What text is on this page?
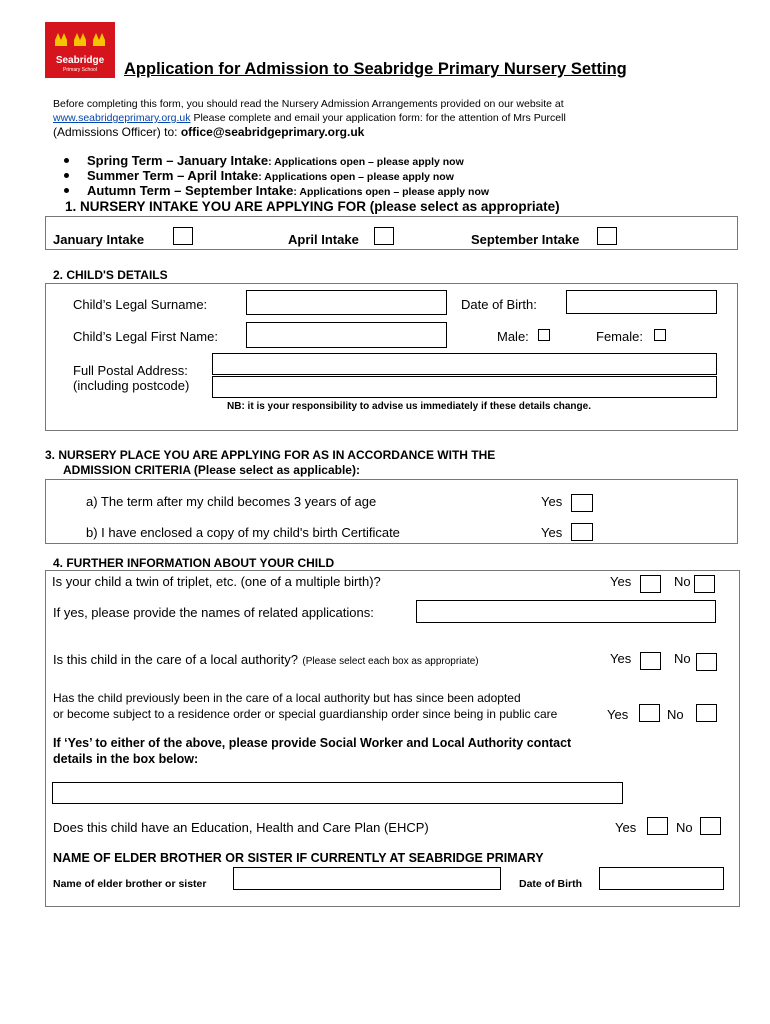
Seabridge
Primary School	Application for Admission to Seabridge Primary Nursery Setting
Before completing this form, you should read the Nursery Admission Arrangements provided on our website at
www.seabridgeprimary.org.uk Please complete and email your application form: for the attention of Mrs Purcell
(Admissions Officer) to: office@seabridgeprimary.org.uk
Spring Term – January Intake: Applications open – please apply now
Summer Term – April Intake: Applications open – please apply now
Autumn Term – September Intake: Applications open – please apply now
1. NURSERY INTAKE YOU ARE APPLYING FOR (please select as appropriate)
January Intake	April Intake	September Intake
2. CHILD'S DETAILS
Child’s Legal Surname:	Date of Birth:
Child’s Legal First Name:	Male:	Female:
Full Postal Address:
(including postcode)
NB: it is your responsibility to advise us immediately if these details change.
3. NURSERY PLACE YOU ARE APPLYING FOR AS IN ACCORDANCE WITH THE
ADMISSION CRITERIA (Please select as applicable):
a) The term after my child becomes 3 years of age	Yes
b) I have enclosed a copy of my child's birth Certificate	Yes
4. FURTHER INFORMATION ABOUT YOUR CHILD
Is your child a twin of triplet, etc. (one of a multiple birth)?	Yes	No
If yes, please provide the names of related applications:
Is this child in the care of a local authority? (Please select each box as appropriate)	Yes	No
Has the child previously been in the care of a local authority but has since been adopted
or become subject to a residence order or special guardianship order since being in public care	Yes	No
If ‘Yes’ to either of the above, please provide Social Worker and Local Authority contact
details in the box below:
Does this child have an Education, Health and Care Plan (EHCP)	Yes	No
NAME OF ELDER BROTHER OR SISTER IF CURRENTLY AT SEABRIDGE PRIMARY
Name of elder brother or sister	Date of Birth
